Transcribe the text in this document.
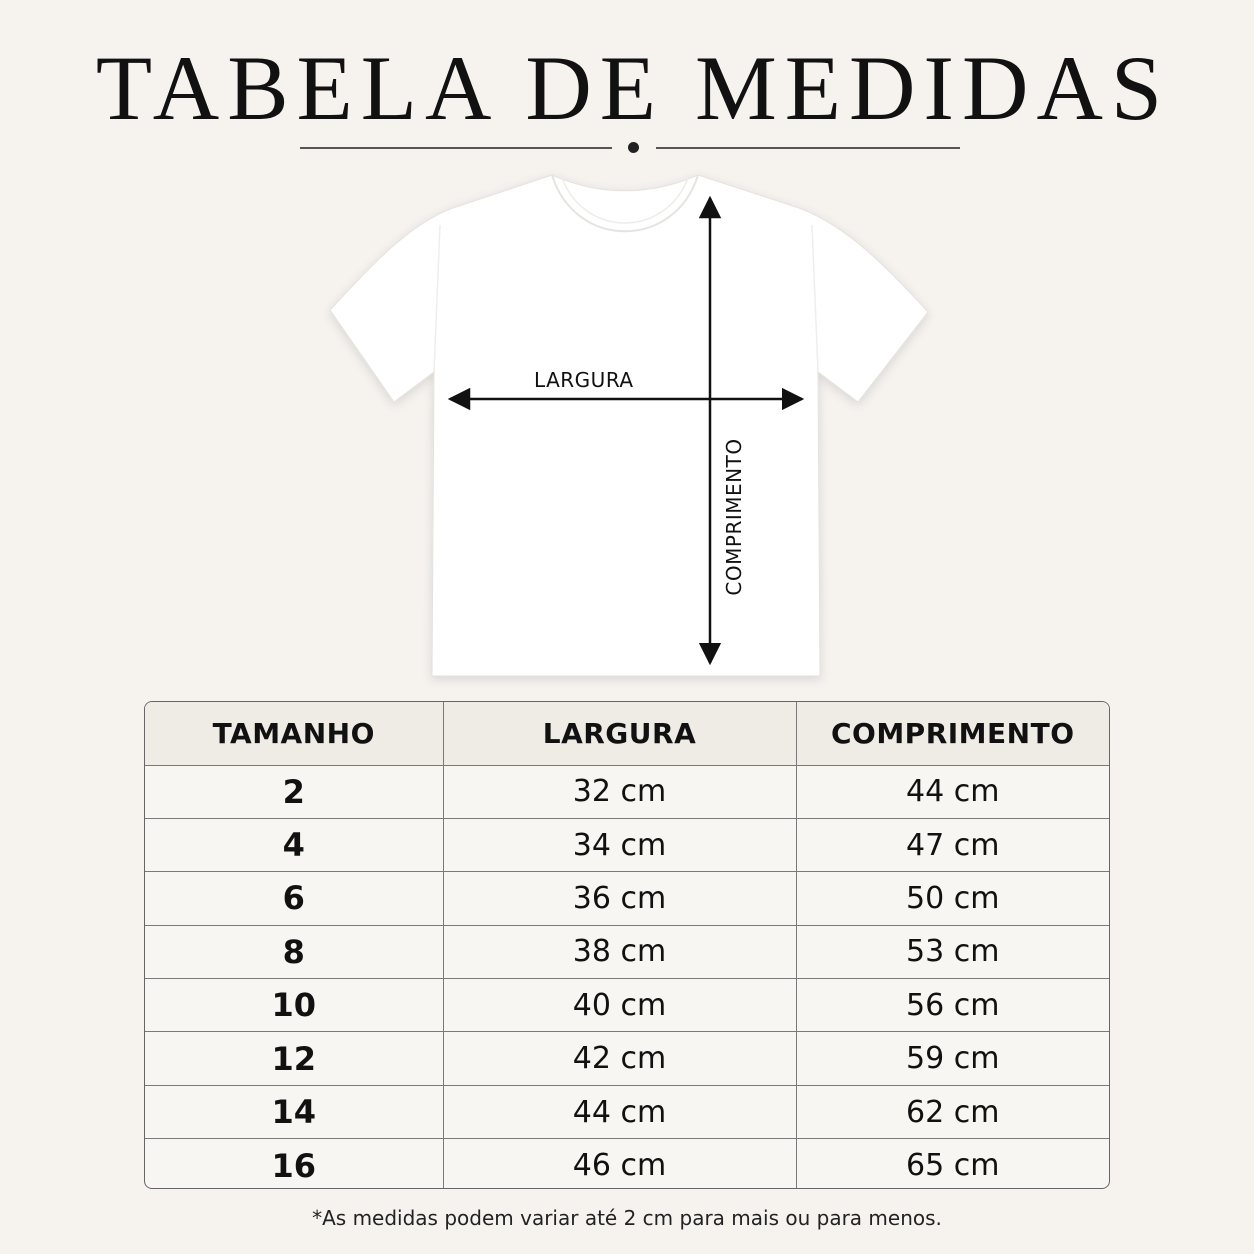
TABELA DE MEDIDAS
LARGURA
COMPRIMENTO
TAMANHO	LARGURA	COMPRIMENTO
2	32 cm	44 cm
4	34 cm	47 cm
6	36 cm	50 cm
8	38 cm	53 cm
10	40 cm	56 cm
12	42 cm	59 cm
14	44 cm	62 cm
16	46 cm	65 cm
*As medidas podem variar até 2 cm para mais ou para menos.
